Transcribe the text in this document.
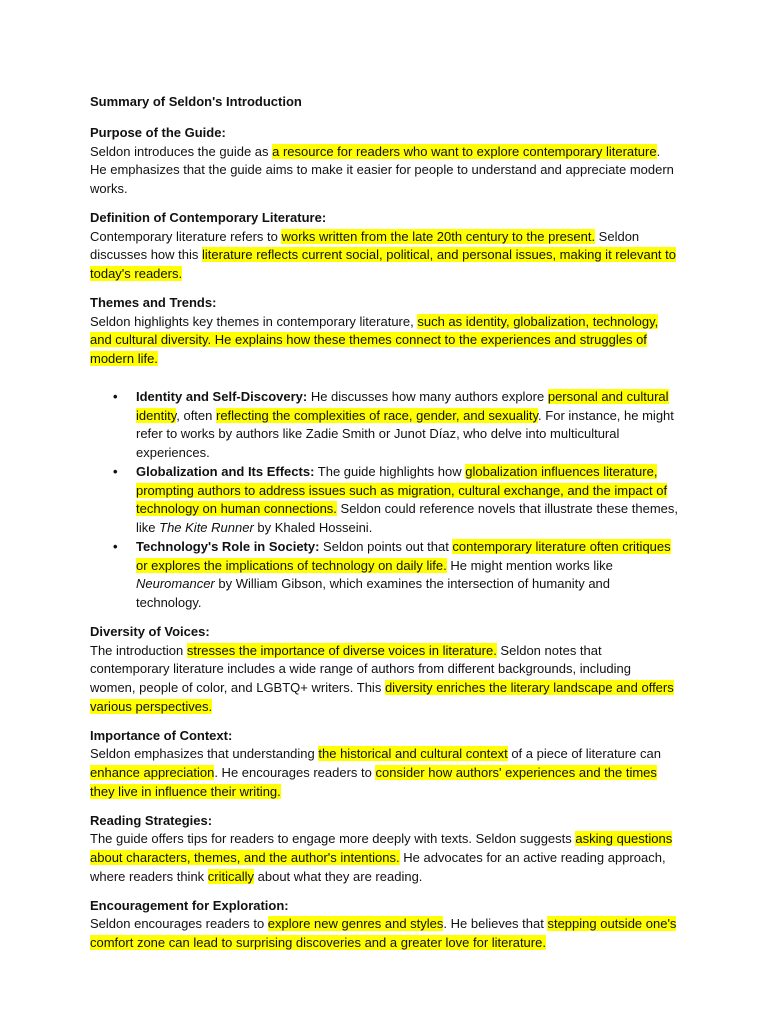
Summary of Seldon's Introduction
Purpose of the Guide:
Seldon introduces the guide as a resource for readers who want to explore contemporary literature. He emphasizes that the guide aims to make it easier for people to understand and appreciate modern works.
Definition of Contemporary Literature:
Contemporary literature refers to works written from the late 20th century to the present. Seldon discusses how this literature reflects current social, political, and personal issues, making it relevant to today's readers.
Themes and Trends:
Seldon highlights key themes in contemporary literature, such as identity, globalization, technology, and cultural diversity. He explains how these themes connect to the experiences and struggles of modern life.
• Identity and Self-Discovery: He discusses how many authors explore personal and cultural identity, often reflecting the complexities of race, gender, and sexuality. For instance, he might refer to works by authors like Zadie Smith or Junot Díaz, who delve into multicultural experiences.
• Globalization and Its Effects: The guide highlights how globalization influences literature, prompting authors to address issues such as migration, cultural exchange, and the impact of technology on human connections. Seldon could reference novels that illustrate these themes, like The Kite Runner by Khaled Hosseini.
• Technology's Role in Society: Seldon points out that contemporary literature often critiques or explores the implications of technology on daily life. He might mention works like Neuromancer by William Gibson, which examines the intersection of humanity and technology.
Diversity of Voices:
The introduction stresses the importance of diverse voices in literature. Seldon notes that contemporary literature includes a wide range of authors from different backgrounds, including women, people of color, and LGBTQ+ writers. This diversity enriches the literary landscape and offers various perspectives.
Importance of Context:
Seldon emphasizes that understanding the historical and cultural context of a piece of literature can enhance appreciation. He encourages readers to consider how authors' experiences and the times they live in influence their writing.
Reading Strategies:
The guide offers tips for readers to engage more deeply with texts. Seldon suggests asking questions about characters, themes, and the author's intentions. He advocates for an active reading approach, where readers think critically about what they are reading.
Encouragement for Exploration:
Seldon encourages readers to explore new genres and styles. He believes that stepping outside one's comfort zone can lead to surprising discoveries and a greater love for literature.
